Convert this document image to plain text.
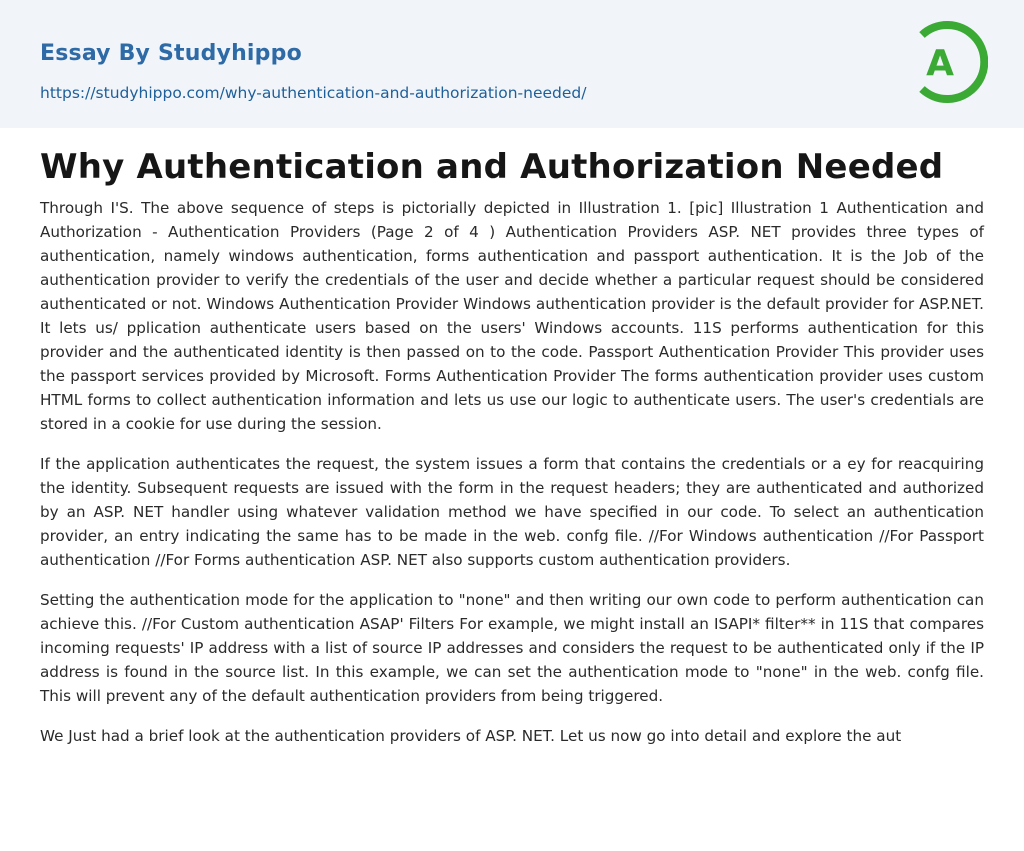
Essay By Studyhippo
https://studyhippo.com/why-authentication-and-authorization-needed/
A
Why Authentication and Authorization Needed

Through I'S. The above sequence of steps is pictorially depicted in Illustration 1. [pic] Illustration 1 Authentication and Authorization - Authentication Providers (Page 2 of 4 ) Authentication Providers ASP. NET provides three types of authentication, namely windows authentication, forms authentication and passport authentication. It is the Job of the authentication provider to verify the credentials of the user and decide whether a particular request should be considered authenticated or not. Windows Authentication Provider Windows authentication provider is the default provider for ASP.NET. It lets us/ pplication authenticate users based on the users' Windows accounts. 11S performs authentication for this provider and the authenticated identity is then passed on to the code. Passport Authentication Provider This provider uses the passport services provided by Microsoft. Forms Authentication Provider The forms authentication provider uses custom HTML forms to collect authentication information and lets us use our logic to authenticate users. The user's credentials are stored in a cookie for use during the session.

If the application authenticates the request, the system issues a form that contains the credentials or a ey for reacquiring the identity. Subsequent requests are issued with the form in the request headers; they are authenticated and authorized by an ASP. NET handler using whatever validation method we have specified in our code. To select an authentication provider, an entry indicating the same has to be made in the web. confg file. //For Windows authentication //For Passport authentication //For Forms authentication ASP. NET also supports custom authentication providers.

Setting the authentication mode for the application to "none" and then writing our own code to perform authentication can achieve this. //For Custom authentication ASAP' Filters For example, we might install an ISAPI* filter** in 11S that compares incoming requests' IP address with a list of source IP addresses and considers the request to be authenticated only if the IP address is found in the source list. In this example, we can set the authentication mode to "none" in the web. confg file. This will prevent any of the default authentication providers from being triggered.

We Just had a brief look at the authentication providers of ASP. NET. Let us now go into detail and explore the aut
